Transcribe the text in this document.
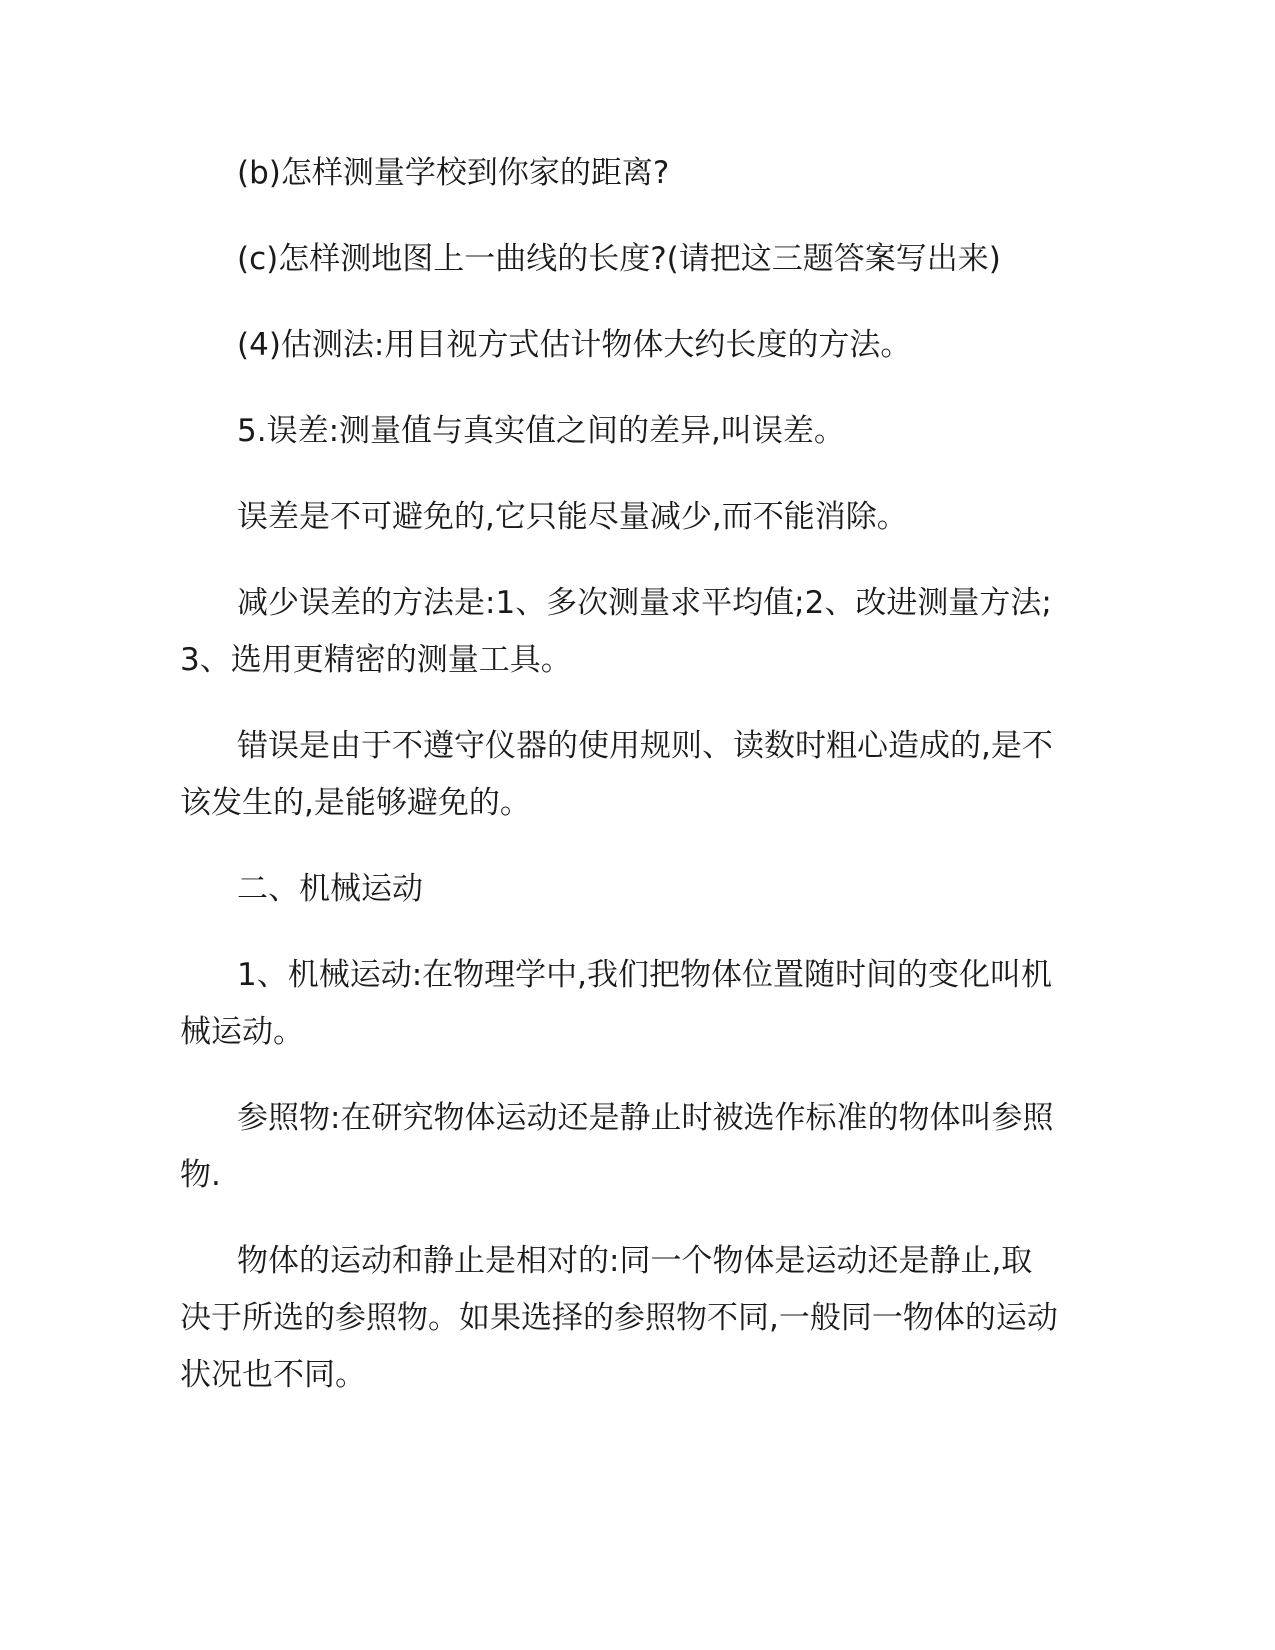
(b)怎样测量学校到你家的距离?

(c)怎样测地图上一曲线的长度?(请把这三题答案写出来)

(4)估测法:用目视方式估计物体大约长度的方法。

5.误差:测量值与真实值之间的差异,叫误差。

误差是不可避免的,它只能尽量减少,而不能消除。

减少误差的方法是:1、多次测量求平均值;2、改进测量方法;3、选用更精密的测量工具。

错误是由于不遵守仪器的使用规则、读数时粗心造成的,是不该发生的,是能够避免的。

二、机械运动

1、机械运动:在物理学中,我们把物体位置随时间的变化叫机械运动。

参照物:在研究物体运动还是静止时被选作标准的物体叫参照物.

物体的运动和静止是相对的:同一个物体是运动还是静止,取决于所选的参照物。如果选择的参照物不同,一般同一物体的运动状况也不同。
